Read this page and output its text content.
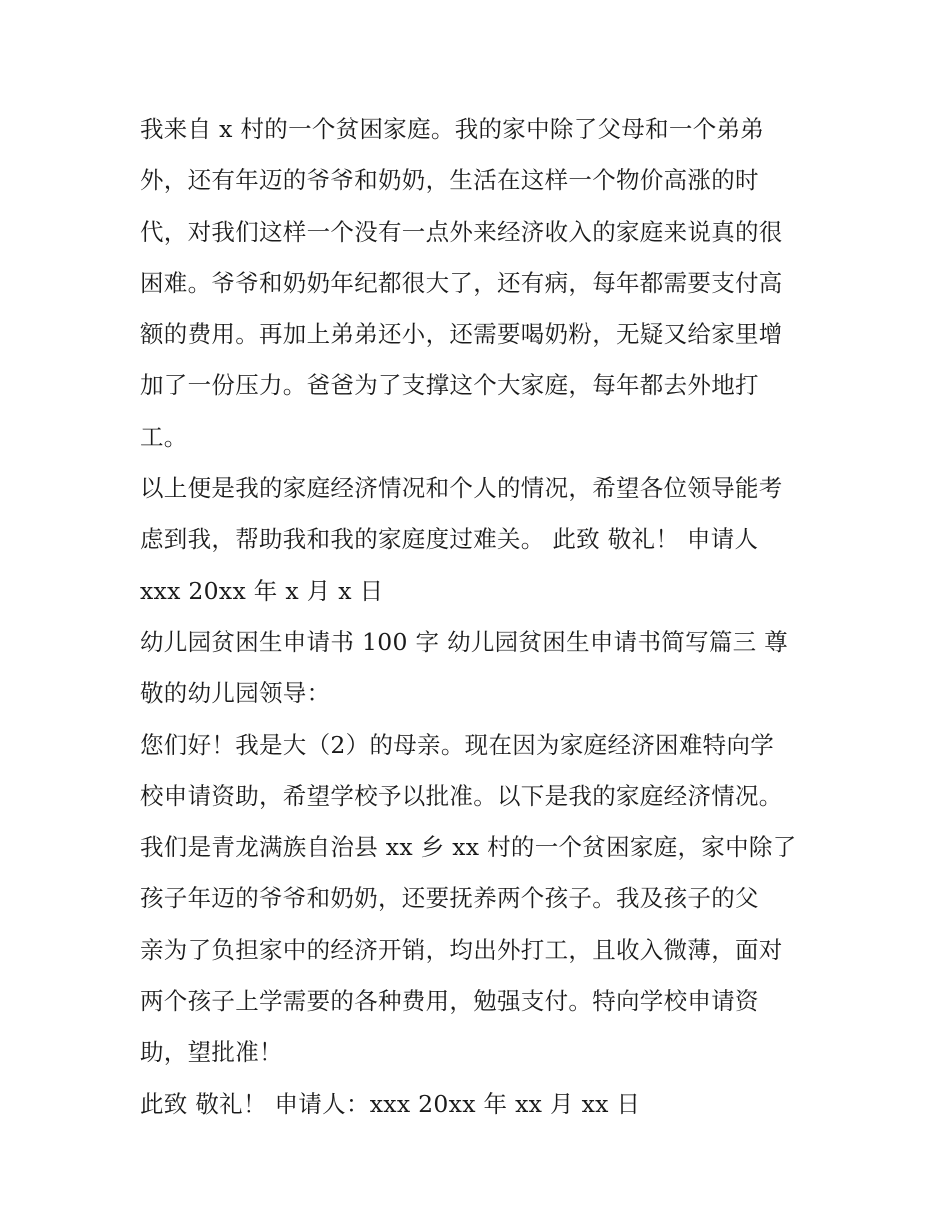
我来自 x 村的一个贫困家庭。我的家中除了父母和一个弟弟
外，还有年迈的爷爷和奶奶，生活在这样一个物价高涨的时
代，对我们这样一个没有一点外来经济收入的家庭来说真的很
困难。爷爷和奶奶年纪都很大了，还有病，每年都需要支付高
额的费用。再加上弟弟还小，还需要喝奶粉，无疑又给家里增
加了一份压力。爸爸为了支撑这个大家庭，每年都去外地打
工。
以上便是我的家庭经济情况和个人的情况，希望各位领导能考
虑到我，帮助我和我的家庭度过难关。 此致 敬礼！ 申请人
xxx 20xx 年 x 月 x 日
幼儿园贫困生申请书 100 字 幼儿园贫困生申请书简写篇三 尊
敬的幼儿园领导：
您们好！我是大（2）的母亲。现在因为家庭经济困难特向学
校申请资助，希望学校予以批准。以下是我的家庭经济情况。
我们是青龙满族自治县 xx 乡 xx 村的一个贫困家庭，家中除了
孩子年迈的爷爷和奶奶，还要抚养两个孩子。我及孩子的父
亲为了负担家中的经济开销，均出外打工，且收入微薄，面对
两个孩子上学需要的各种费用，勉强支付。特向学校申请资
助，望批准！
此致 敬礼！ 申请人：xxx 20xx 年 xx 月 xx 日
